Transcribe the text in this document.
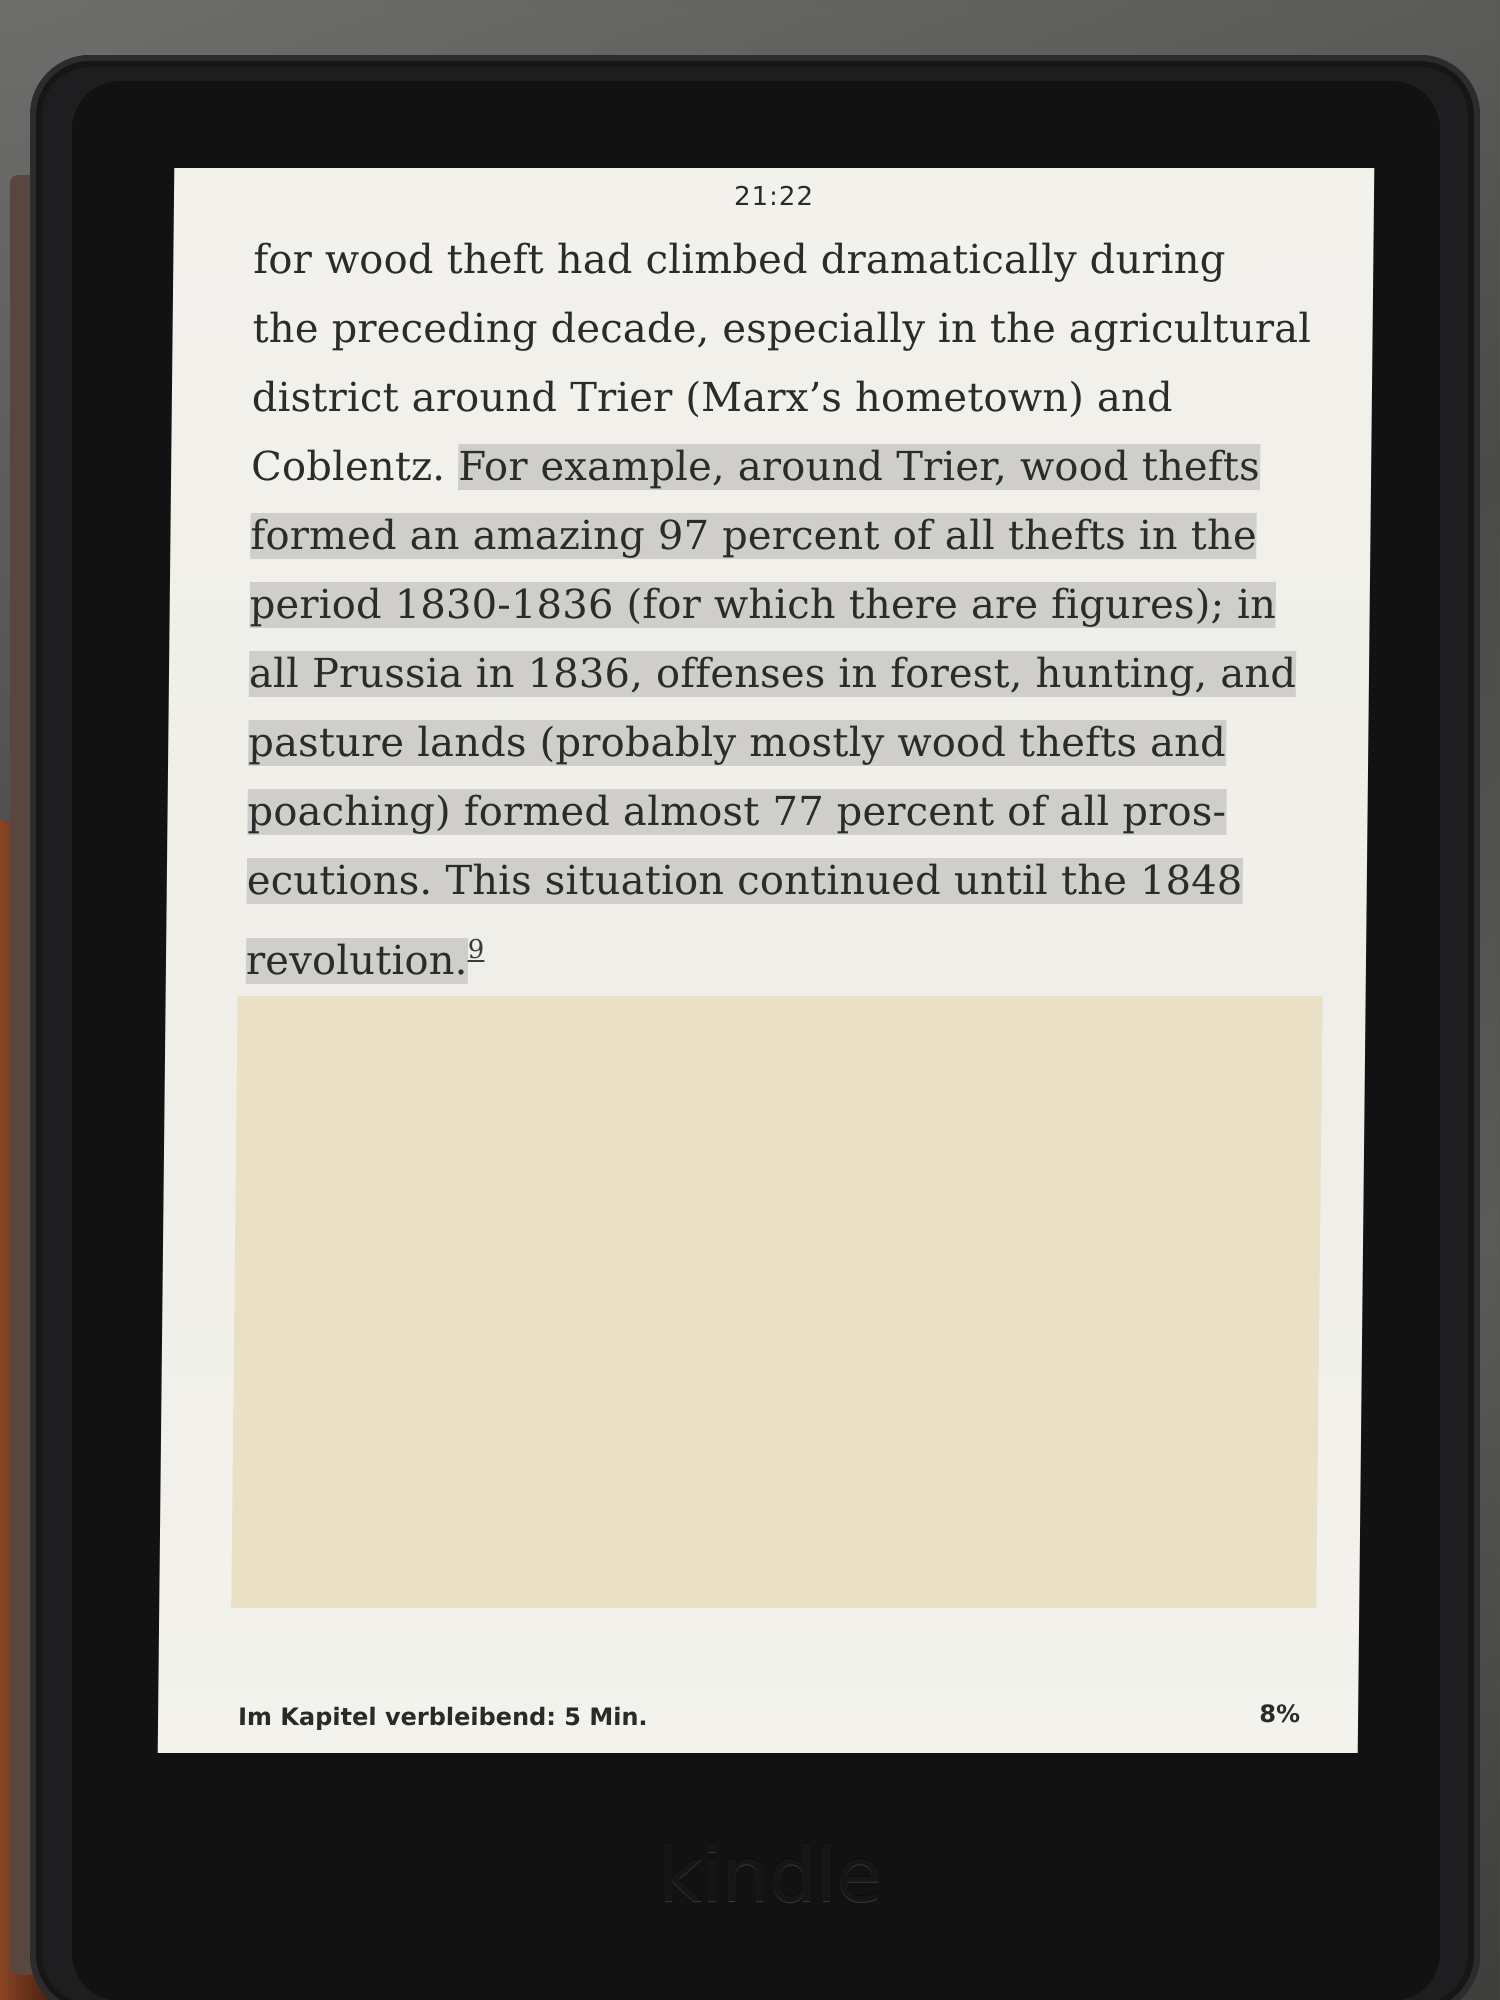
21:22
for wood theft had climbed dramatically during
the preceding decade, especially in the agricultural
district around Trier (Marx’s hometown) and
Coblentz. For example, around Trier, wood thefts
formed an amazing 97 percent of all thefts in the
period 1830-1836 (for which there are figures); in
all Prussia in 1836, offenses in forest, hunting, and
pasture lands (probably mostly wood thefts and
poaching) formed almost 77 percent of all pros-
ecutions. This situation continued until the 1848
revolution.$^9$
Im Kapitel verbleibend: 5 Min.	8%
kindle
